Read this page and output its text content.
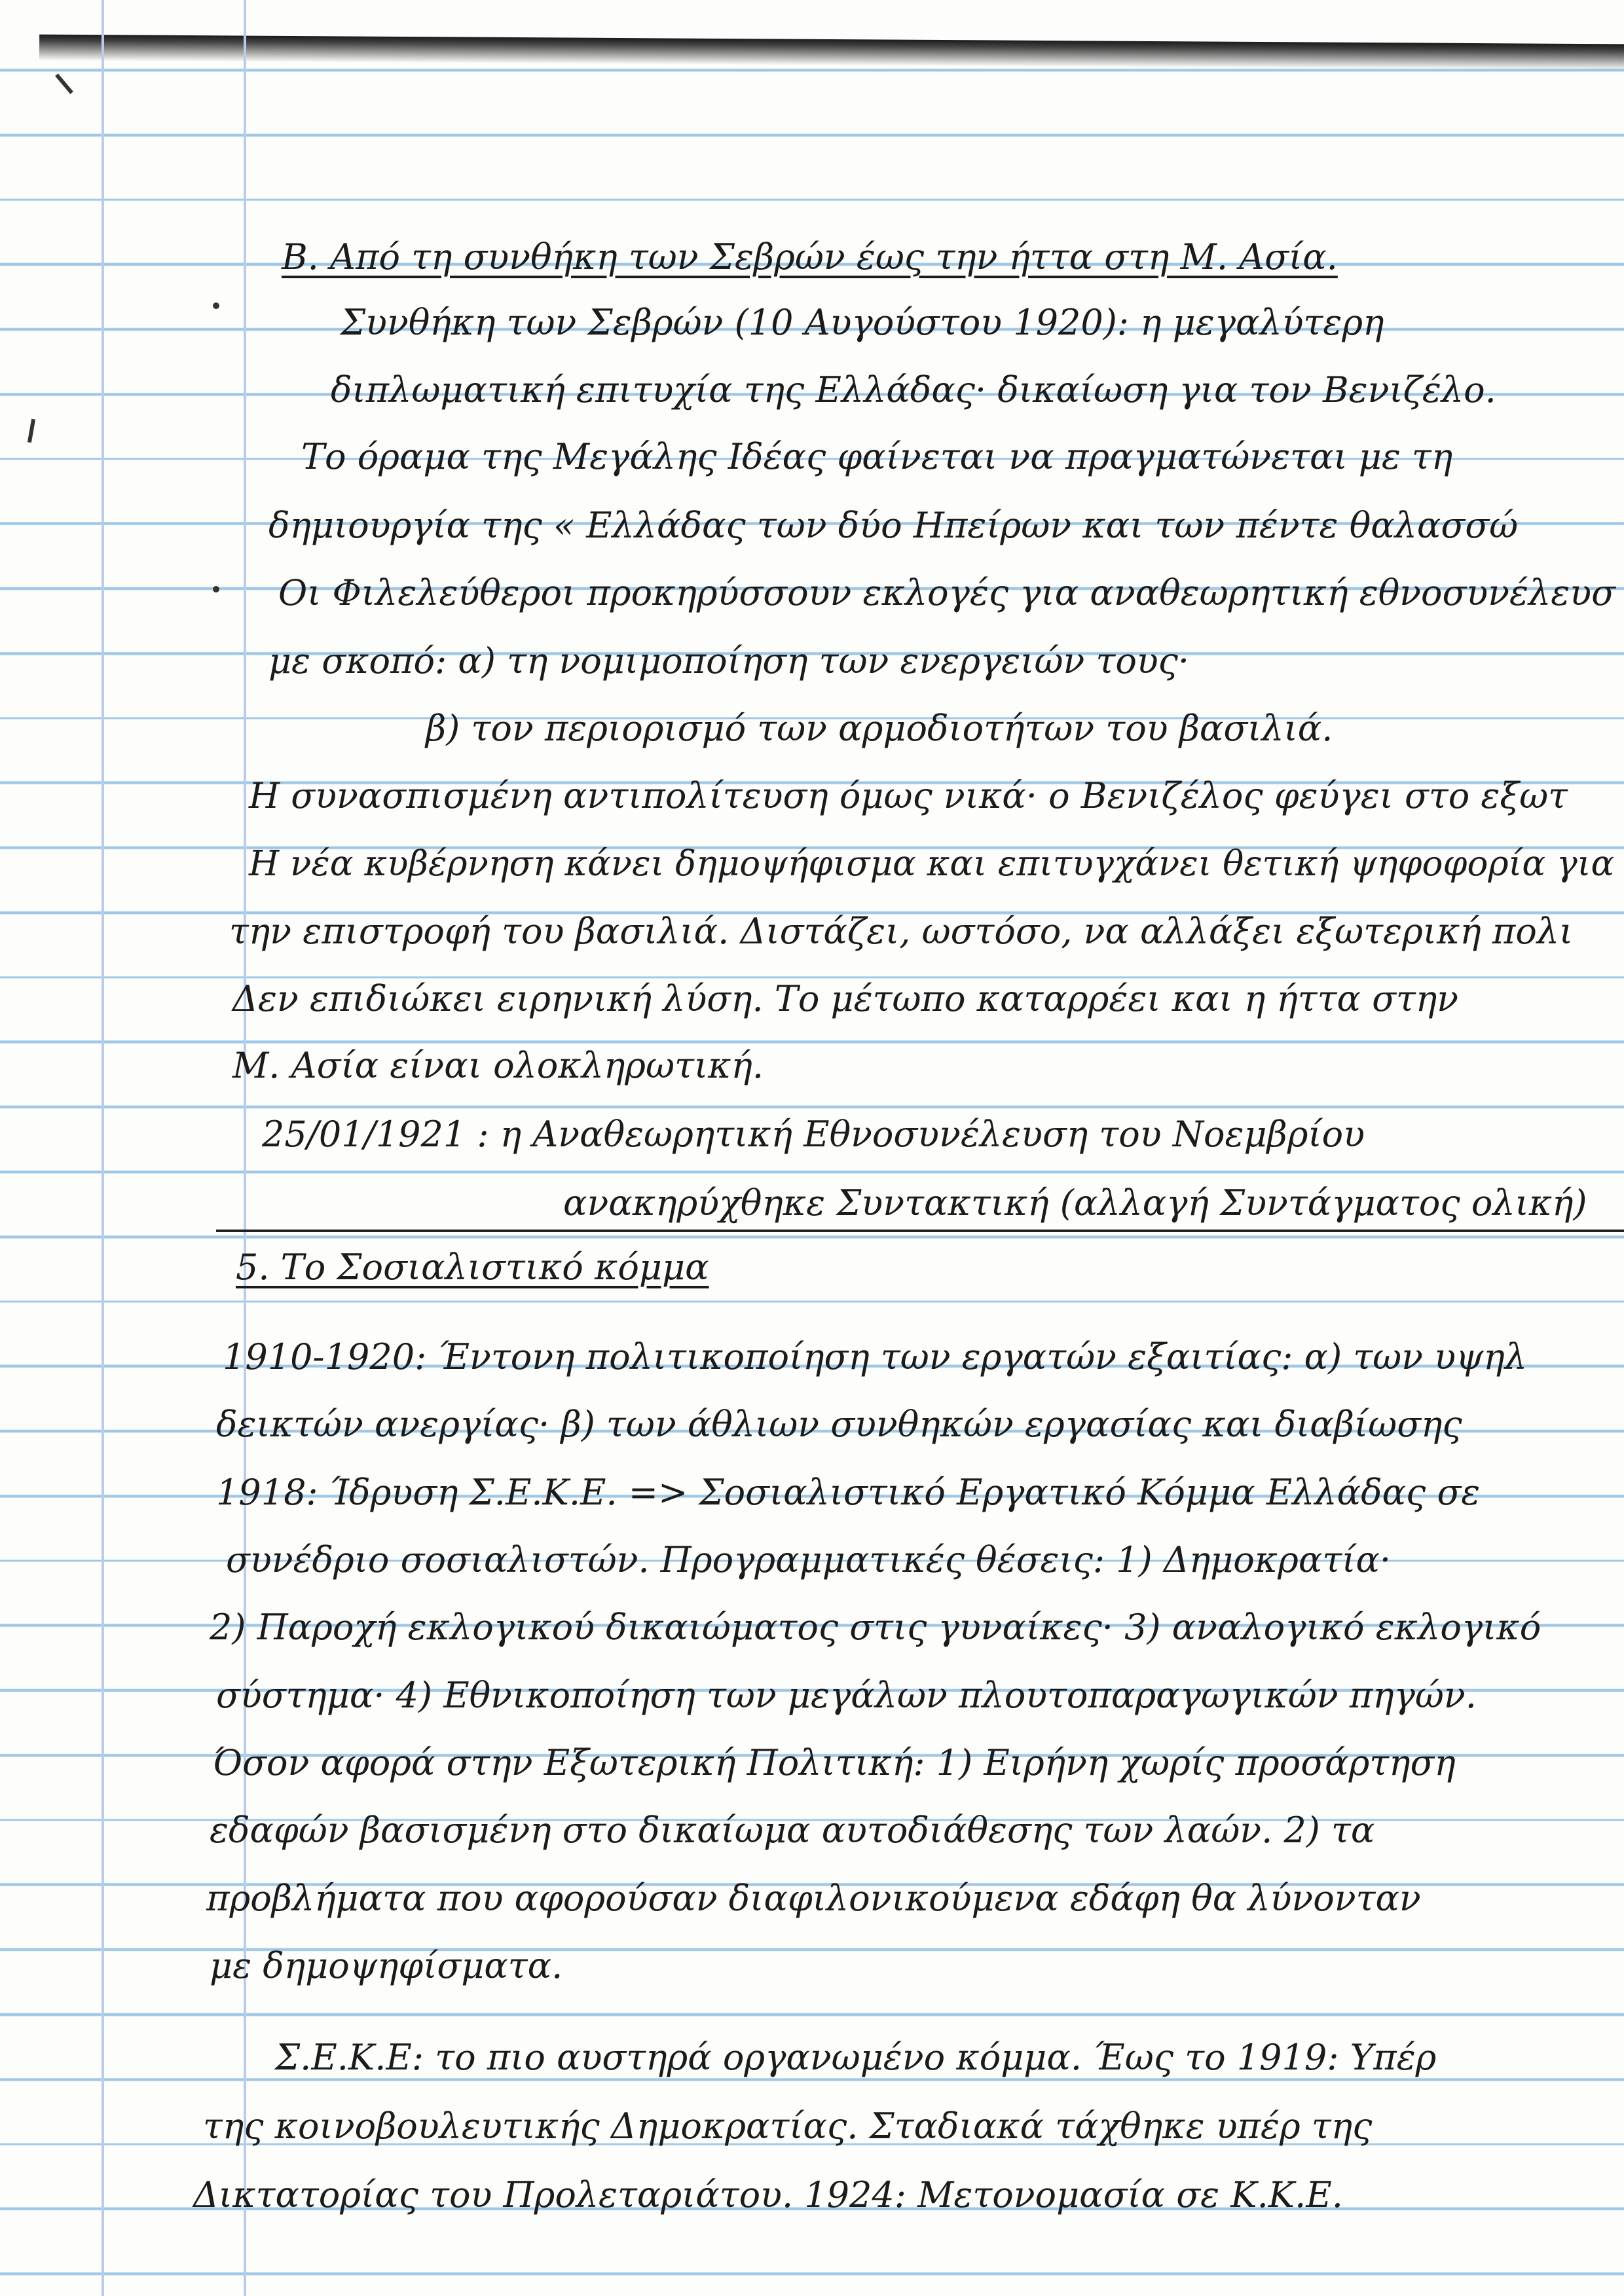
Β. Από τη συνθήκη των Σεβρών έως την ήττα στη Μ. Ασία.
Συνθήκη των Σεβρών (10 Αυγούστου 1920): η μεγαλύτερη
διπλωματική επιτυχία της Ελλάδας· δικαίωση για τον Βενιζέλο.
Το όραμα της Μεγάλης Ιδέας φαίνεται να πραγματώνεται με τη
δημιουργία της « Ελλάδας των δύο Ηπείρων και των πέντε θαλασσώ
Οι Φιλελεύθεροι προκηρύσσουν εκλογές για αναθεωρητική εθνοσυνέλευσ
με σκοπό: α) τη νομιμοποίηση των ενεργειών τους·
β) τον περιορισμό των αρμοδιοτήτων του βασιλιά.
Η συνασπισμένη αντιπολίτευση όμως νικά· ο Βενιζέλος φεύγει στο εξωτ
Η νέα κυβέρνηση κάνει δημοψήφισμα και επιτυγχάνει θετική ψηφοφορία για
την επιστροφή του βασιλιά. Διστάζει, ωστόσο, να αλλάξει εξωτερική πολι
Δεν επιδιώκει ειρηνική λύση. Το μέτωπο καταρρέει και η ήττα στην
Μ. Ασία είναι ολοκληρωτική.
25/01/1921 : η Αναθεωρητική Εθνοσυνέλευση του Νοεμβρίου
ανακηρύχθηκε Συντακτική (αλλαγή Συντάγματος ολική)
5. Το Σοσιαλιστικό κόμμα
1910-1920: Έντονη πολιτικοποίηση των εργατών εξαιτίας: α) των υψηλ
δεικτών ανεργίας· β) των άθλιων συνθηκών εργασίας και διαβίωσης
1918: Ίδρυση Σ.Ε.Κ.Ε. => Σοσιαλιστικό Εργατικό Κόμμα Ελλάδας σε
συνέδριο σοσιαλιστών. Προγραμματικές θέσεις: 1) Δημοκρατία·
2) Παροχή εκλογικού δικαιώματος στις γυναίκες· 3) αναλογικό εκλογικό
σύστημα· 4) Εθνικοποίηση των μεγάλων πλουτοπαραγωγικών πηγών.
Όσον αφορά στην Εξωτερική Πολιτική: 1) Ειρήνη χωρίς προσάρτηση
εδαφών βασισμένη στο δικαίωμα αυτοδιάθεσης των λαών. 2) τα
προβλήματα που αφορούσαν διαφιλονικούμενα εδάφη θα λύνονταν
με δημοψηφίσματα.
Σ.Ε.Κ.Ε: το πιο αυστηρά οργανωμένο κόμμα. Έως το 1919: Υπέρ
της κοινοβουλευτικής Δημοκρατίας. Σταδιακά τάχθηκε υπέρ της
Δικτατορίας του Προλεταριάτου. 1924: Μετονομασία σε Κ.Κ.Ε.
